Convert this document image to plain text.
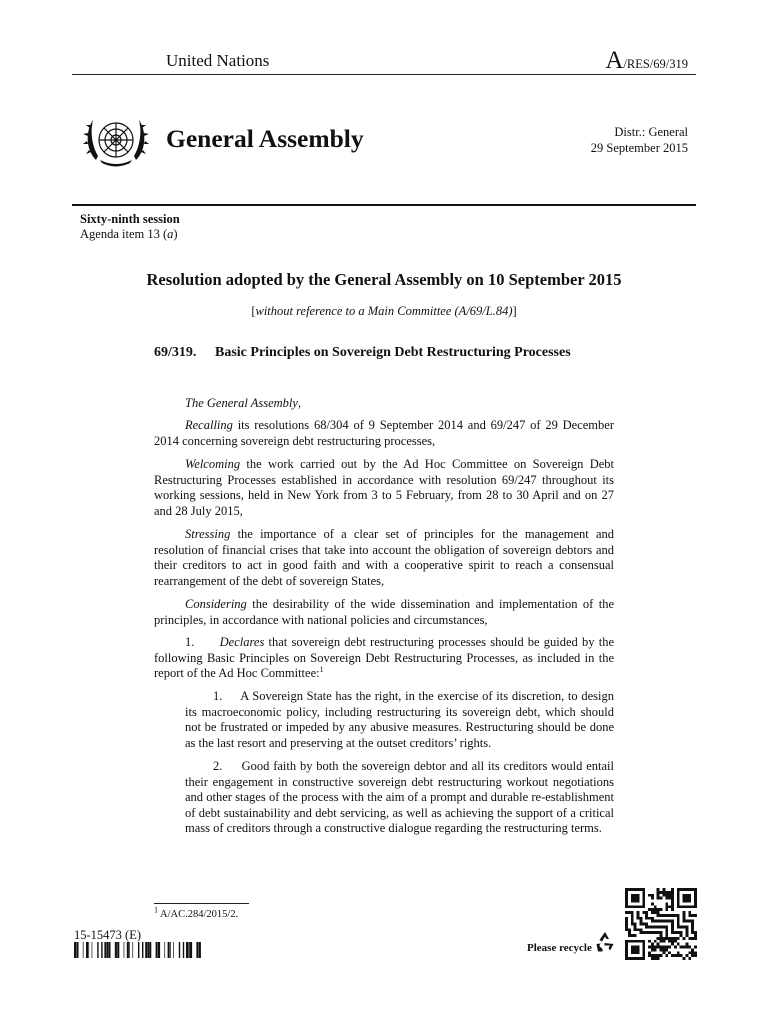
United Nations	A/RES/69/319
General Assembly	Distr.: General
29 September 2015
Sixty-ninth session
Agenda item 13 (a)
Resolution adopted by the General Assembly on 10 September 2015
[without reference to a Main Committee (A/69/L.84)]
69/319. Basic Principles on Sovereign Debt Restructuring Processes
The General Assembly,
Recalling its resolutions 68/304 of 9 September 2014 and 69/247 of 29 December 2014 concerning sovereign debt restructuring processes,
Welcoming the work carried out by the Ad Hoc Committee on Sovereign Debt Restructuring Processes established in accordance with resolution 69/247 throughout its working sessions, held in New York from 3 to 5 February, from 28 to 30 April and on 27 and 28 July 2015,
Stressing the importance of a clear set of principles for the management and resolution of financial crises that take into account the obligation of sovereign debtors and their creditors to act in good faith and with a cooperative spirit to reach a consensual rearrangement of the debt of sovereign States,
Considering the desirability of the wide dissemination and implementation of the principles, in accordance with national policies and circumstances,
1. Declares that sovereign debt restructuring processes should be guided by the following Basic Principles on Sovereign Debt Restructuring Processes, as included in the report of the Ad Hoc Committee:$^1$
1. A Sovereign State has the right, in the exercise of its discretion, to design its macroeconomic policy, including restructuring its sovereign debt, which should not be frustrated or impeded by any abusive measures. Restructuring should be done as the last resort and preserving at the outset creditors’ rights.
2. Good faith by both the sovereign debtor and all its creditors would entail their engagement in constructive sovereign debt restructuring workout negotiations and other stages of the process with the aim of a prompt and durable re-establishment of debt sustainability and debt servicing, as well as achieving the support of a critical mass of creditors through a constructive dialogue regarding the restructuring terms.
$^1$ A/AC.284/2015/2.
15-15473 (E)
Please recycle
